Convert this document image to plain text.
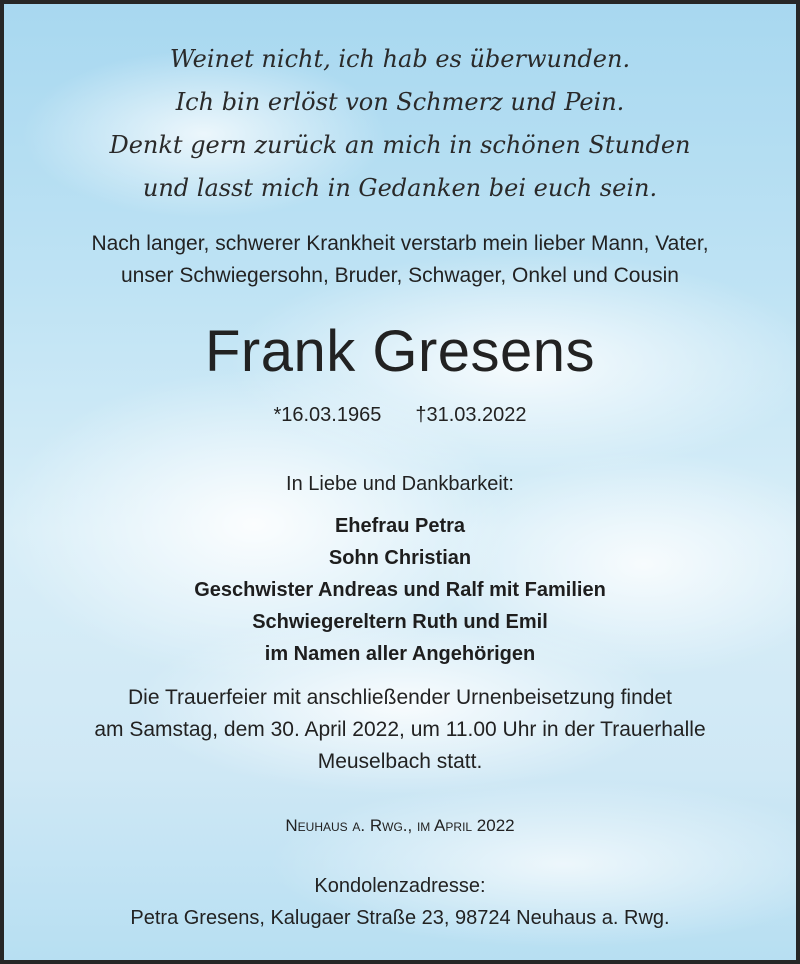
Weinet nicht, ich hab es überwunden.
Ich bin erlöst von Schmerz und Pein.
Denkt gern zurück an mich in schönen Stunden
und lasst mich in Gedanken bei euch sein.
Nach langer, schwerer Krankheit verstarb mein lieber Mann, Vater,
unser Schwiegersohn, Bruder, Schwager, Onkel und Cousin
Frank Gresens
*16.03.1965 †31.03.2022
In Liebe und Dankbarkeit:
Ehefrau Petra
Sohn Christian
Geschwister Andreas und Ralf mit Familien
Schwiegereltern Ruth und Emil
im Namen aller Angehörigen
Die Trauerfeier mit anschließender Urnenbeisetzung findet
am Samstag, dem 30. April 2022, um 11.00 Uhr in der Trauerhalle
Meuselbach statt.
Neuhaus a. Rwg., im April 2022
Kondolenzadresse:
Petra Gresens, Kalugaer Straße 23, 98724 Neuhaus a. Rwg.
